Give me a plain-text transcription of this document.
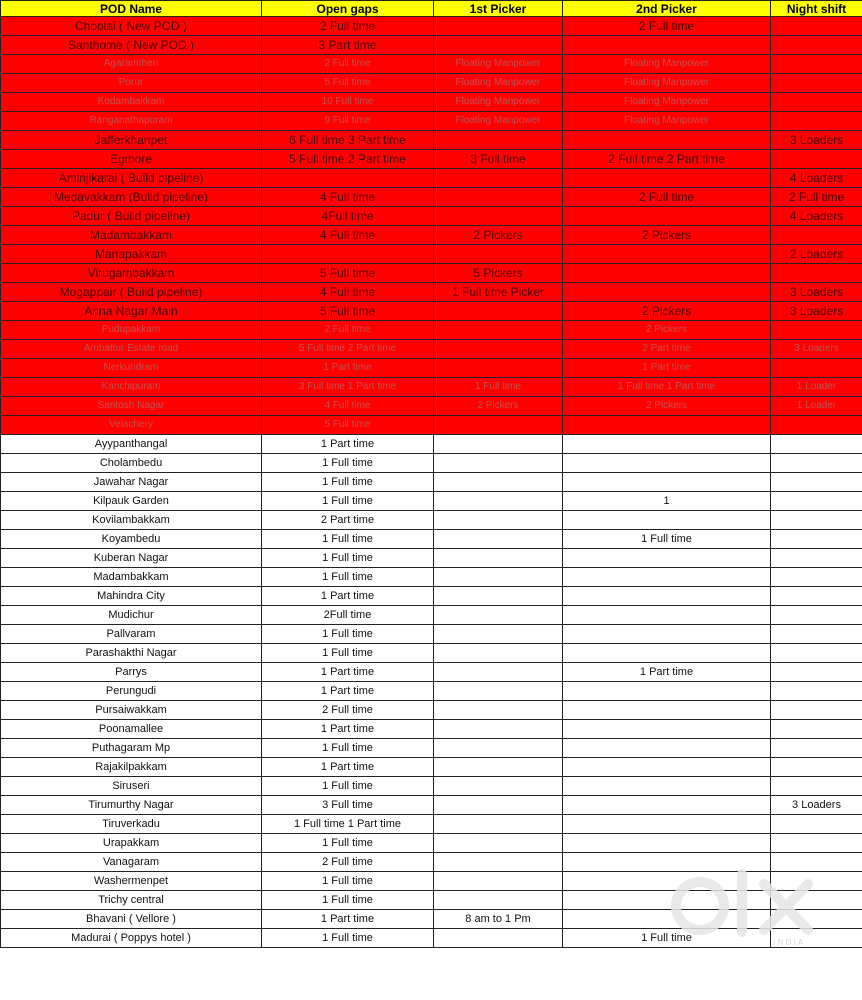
POD Name	Open gaps	1st Picker	2nd Picker	Night shift
Choolai ( New POD )	2 Full time		2 Full time	
Santhome ( New POD )	3 Part time			
Agaramthen	2 Full time	Floating Manpower	Floating Manpower	
Porur	5 Full time	Floating Manpower	Floating Manpower	
Kodambakkam	10 Full time	Floating Manpower	Floating Manpower	
Ranganathapuram	9 Full time	Floating Manpower	Floating Manpower	
Jafferkhanpet	6 Full time 3 Part time			3 Loaders
Egmore	5 Full time 2 Part time	3 Full time	2 Full time 2 Part time	
Aminjikarai ( Build pipeline)				4 Loaders
Medavakkam (Build pipeline)	4 Full time		2 Full time	2 Full time
Padur ( Build pipeline)	4Full time			4 Loaders
Madambakkam	4 Full time	2 Pickers	2 Pickers	
Manapakkam				2 Loaders
Virugambakkam	5 Full time	5 Pickers		
Mogappair ( Build pipeline)	4 Full time	1 Full time Picker		3 Loaders
Anna Nagar Main	5 Full time		2 Pickers	3 Loaders
Pudupakkam	2 Full time		2 Pickers	
Ambattur Estate road	5 Full time 2 Part time		2 Part time	3 Loaders
Nerkundram	1 Part time		1 Part time	
Kanchipuram	3 Full time 1 Part time	1 Full time	1 Full time 1 Part time	1 Loader
Santosh Nagar	4 Full time	2 Pickers	2 Pickers	1 Loader
Velachery	5 Full time			
Ayypanthangal	1 Part time			
Cholambedu	1 Full time			
Jawahar Nagar	1 Full time			
Kilpauk Garden	1 Full time		1	
Kovilambakkam	2 Part time			
Koyambedu	1 Full time		1 Full time	
Kuberan Nagar	1 Full time			
Madambakkam	1 Full time			
Mahindra City	1 Part time			
Mudichur	2Full time			
Pallvaram	1 Full time			
Parashakthi Nagar	1 Full time			
Parrys	1 Part time		1 Part time	
Perungudi	1 Part time			
Pursaiwakkam	2 Full time			
Poonamallee	1 Part time			
Puthagaram Mp	1 Full time			
Rajakilpakkam	1 Part time			
Siruseri	1 Full time			
Tirumurthy Nagar	3 Full time			3 Loaders
Tiruverkadu	1 Full time 1 Part time			
Urapakkam	1 Full time			
Vanagaram	2 Full time			
Washermenpet	1 Full time			
Trichy central	1 Full time			
Bhavani ( Vellore )	1 Part time	8 am to 1 Pm		
Madurai ( Poppys hotel )	1 Full time		1 Full time		INDIA
